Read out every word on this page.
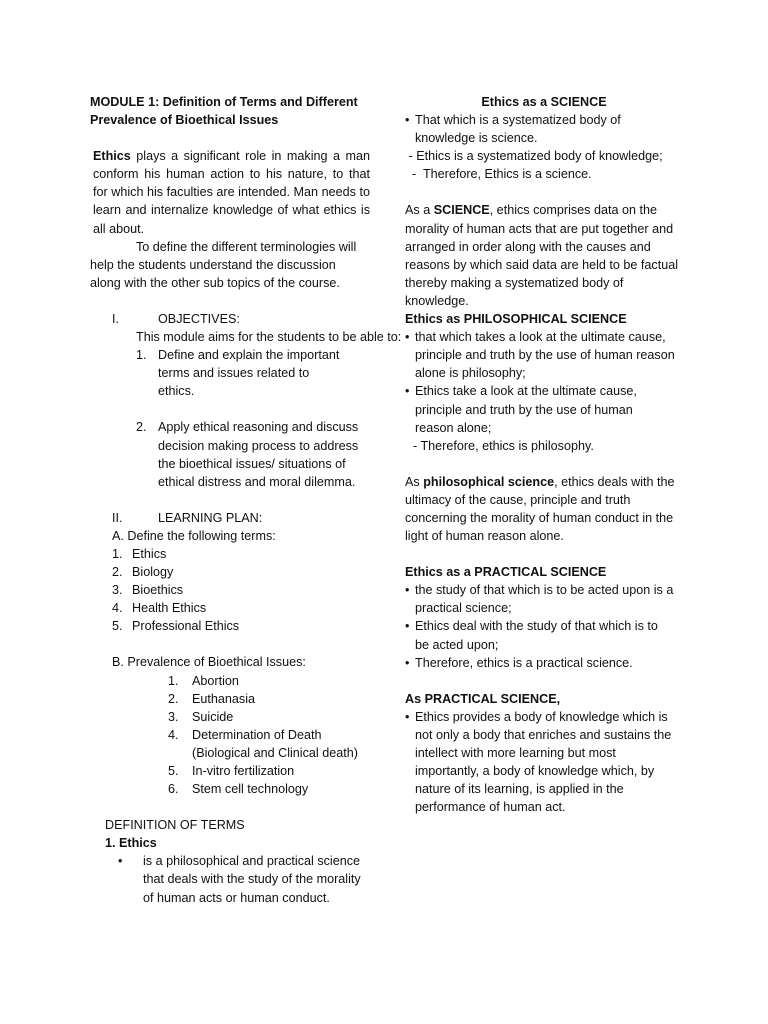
MODULE 1: Definition of Terms and Different Prevalence of Bioethical Issues
Ethics plays a significant role in making a man conform his human action to his nature, to that for which his faculties are intended. Man needs to learn and internalize knowledge of what ethics is all about.
To define the different terminologies will help the students understand the discussion along with the other sub topics of the course.
I.	OBJECTIVES:
This module aims for the students to be able to:
1. Define and explain the important terms and issues related to ethics.
2. Apply ethical reasoning and discuss decision making process to address the bioethical issues/ situations of ethical distress and moral dilemma.
II.	LEARNING PLAN:
A. Define the following terms:
1. Ethics
2. Biology
3. Bioethics
4. Health Ethics
5. Professional Ethics
B. Prevalence of Bioethical Issues:
1.	Abortion
2.	Euthanasia
3.	Suicide
4.	Determination of Death (Biological and Clinical death)
5.	In-vitro fertilization
6.	Stem cell technology
DEFINITION OF TERMS
1. Ethics
•	is a philosophical and practical science that deals with the study of the morality of human acts or human conduct.
Ethics as a SCIENCE
• That which is a systematized body of knowledge is science.
- Ethics is a systematized body of knowledge;
-  Therefore, Ethics is a science.
As a SCIENCE, ethics comprises data on the morality of human acts that are put together and arranged in order along with the causes and reasons by which said data are held to be factual thereby making a systematized body of knowledge.
Ethics as PHILOSOPHICAL SCIENCE
• that which takes a look at the ultimate cause, principle and truth by the use of human reason alone is philosophy;
• Ethics take a look at the ultimate cause, principle and truth by the use of human reason alone;
- Therefore, ethics is philosophy.
As philosophical science, ethics deals with the ultimacy of the cause, principle and truth concerning the morality of human conduct in the light of human reason alone.
Ethics as a PRACTICAL SCIENCE
• the study of that which is to be acted upon is a practical science;
• Ethics deal with the study of that which is to be acted upon;
• Therefore, ethics is a practical science.
As PRACTICAL SCIENCE,
• Ethics provides a body of knowledge which is not only a body that enriches and sustains the intellect with more learning but most importantly, a body of knowledge which, by nature of its learning, is applied in the performance of human act.
